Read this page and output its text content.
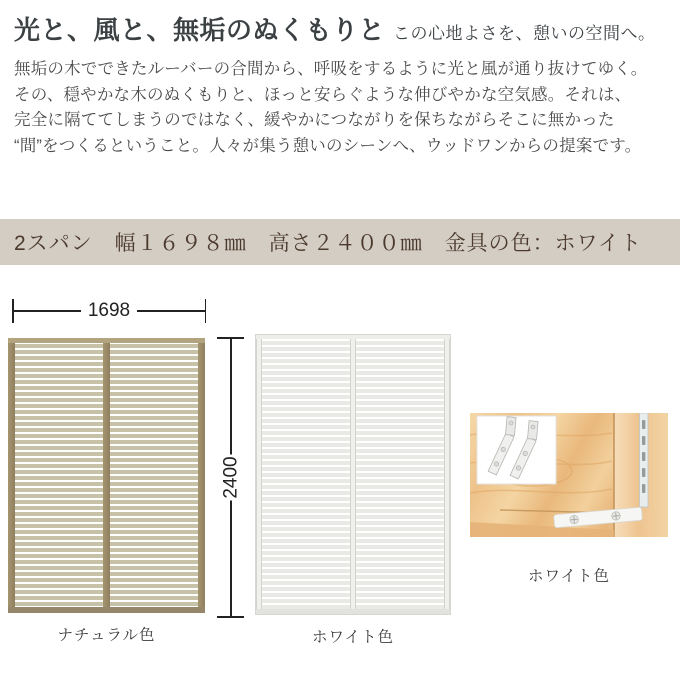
光と、風と、無垢のぬくもりと この心地よさを、憩いの空間へ。
無垢の木でできたルーバーの合間から、呼吸をするように光と風が通り抜けてゆく。
その、穏やかな木のぬくもりと、ほっと安らぐような伸びやかな空気感。それは、
完全に隔ててしまうのではなく、緩やかにつながりを保ちながらそこに無かった
“間”をつくるということ。人々が集う憩いのシーンへ、ウッドワンからの提案です。
2スパン　幅１６９８㎜　高さ２４００㎜　金具の色：ホワイト
1698
2400
ナチュラル色	ホワイト色
ホワイト色
